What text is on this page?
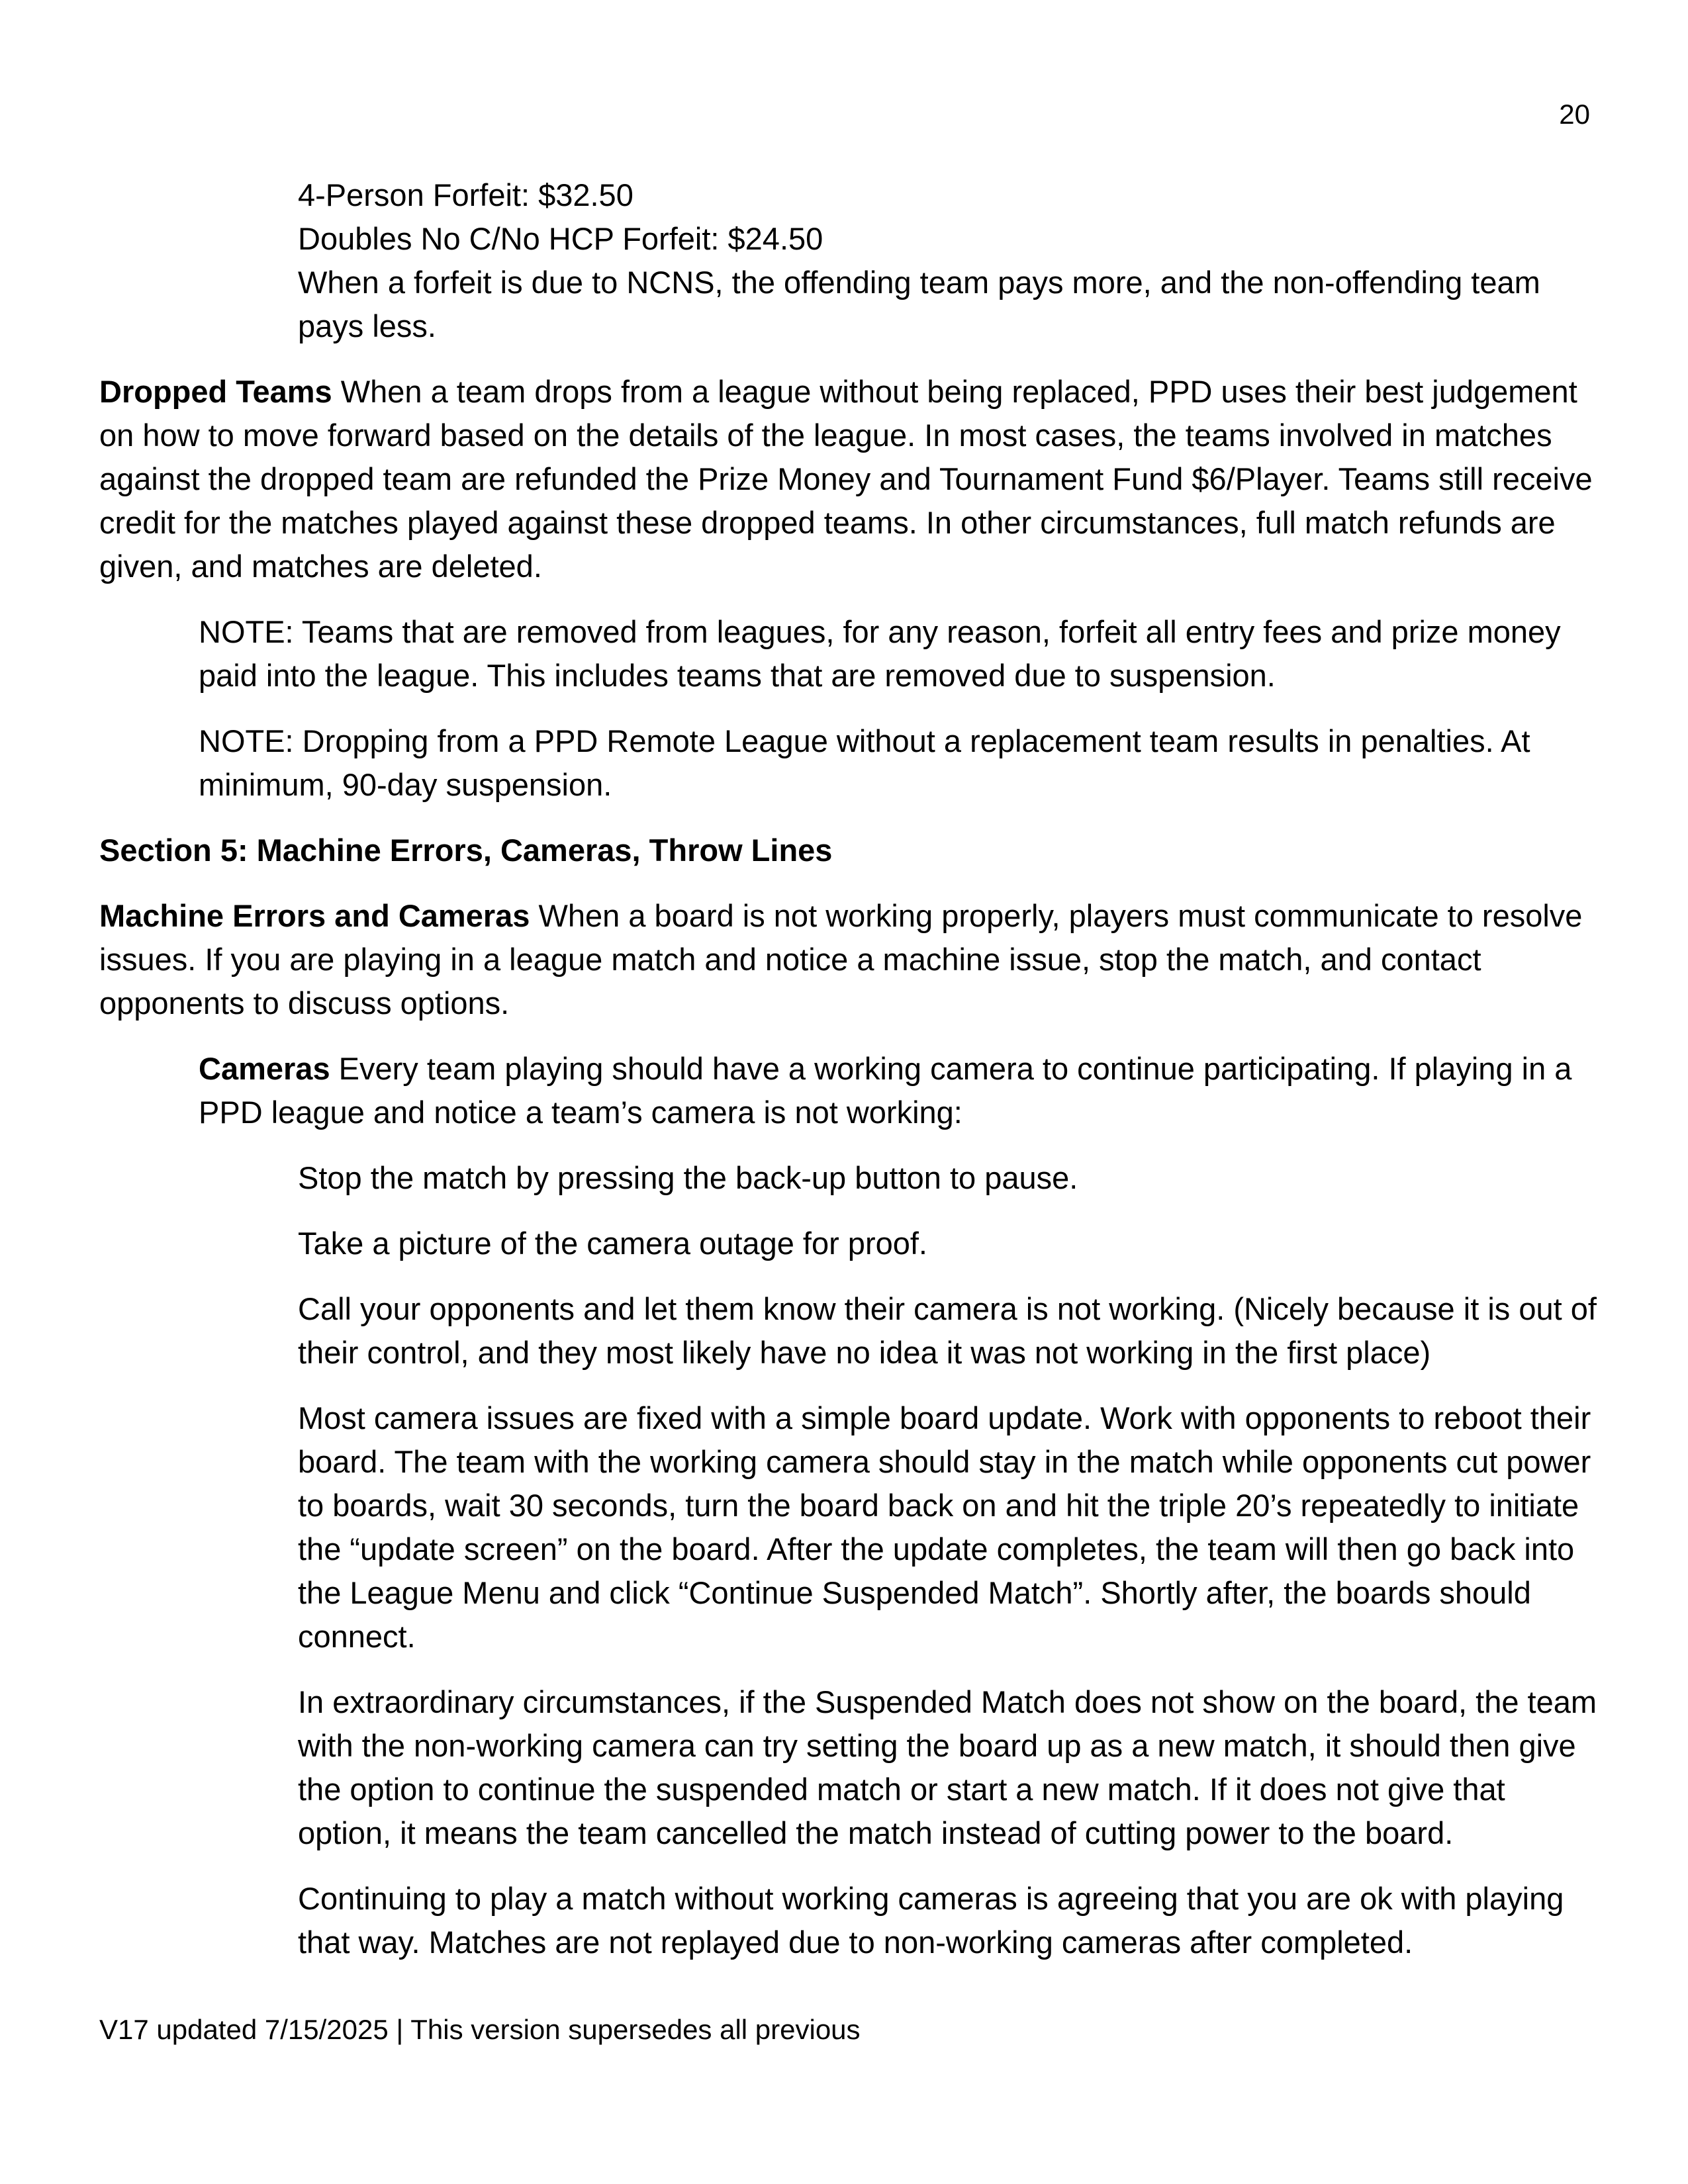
20

4-Person Forfeit: $32.50

Doubles No C/No HCP Forfeit: $24.50

When a forfeit is due to NCNS, the offending team pays more, and the non-offending team pays less.

Dropped Teams When a team drops from a league without being replaced, PPD uses their best judgement on how to move forward based on the details of the league. In most cases, the teams involved in matches against the dropped team are refunded the Prize Money and Tournament Fund $6/Player. Teams still receive credit for the matches played against these dropped teams. In other circumstances, full match refunds are given, and matches are deleted.

NOTE: Teams that are removed from leagues, for any reason, forfeit all entry fees and prize money paid into the league. This includes teams that are removed due to suspension.

NOTE: Dropping from a PPD Remote League without a replacement team results in penalties. At minimum, 90-day suspension.

Section 5: Machine Errors, Cameras, Throw Lines

Machine Errors and Cameras When a board is not working properly, players must communicate to resolve issues. If you are playing in a league match and notice a machine issue, stop the match, and contact opponents to discuss options.

Cameras Every team playing should have a working camera to continue participating. If playing in a PPD league and notice a team’s camera is not working:

Stop the match by pressing the back-up button to pause.

Take a picture of the camera outage for proof.

Call your opponents and let them know their camera is not working. (Nicely because it is out of their control, and they most likely have no idea it was not working in the first place)

Most camera issues are fixed with a simple board update. Work with opponents to reboot their board. The team with the working camera should stay in the match while opponents cut power to boards, wait 30 seconds, turn the board back on and hit the triple 20’s repeatedly to initiate the “update screen” on the board. After the update completes, the team will then go back into the League Menu and click “Continue Suspended Match”. Shortly after, the boards should connect.

In extraordinary circumstances, if the Suspended Match does not show on the board, the team with the non-working camera can try setting the board up as a new match, it should then give the option to continue the suspended match or start a new match. If it does not give that option, it means the team cancelled the match instead of cutting power to the board.

Continuing to play a match without working cameras is agreeing that you are ok with playing that way. Matches are not replayed due to non-working cameras after completed.

V17 updated 7/15/2025 | This version supersedes all previous
